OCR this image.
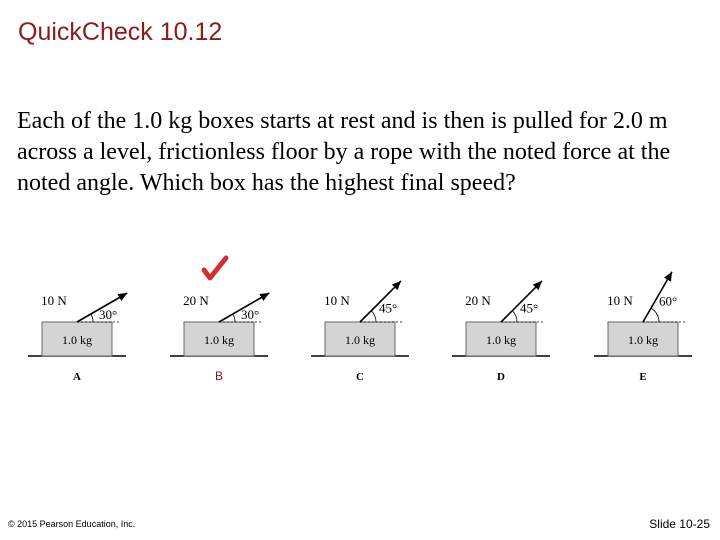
QuickCheck 10.12

Each of the 1.0 kg boxes starts at rest and is then is pulled for 2.0 m across a level, frictionless floor by a rope with the noted force at the noted angle. Which box has the highest final speed?

1.0 kg
10 N
30°
A
1.0 kg
20 N
30°
B
1.0 kg
10 N 45°
C
1.0 kg
20 N 45°
D
1.0 kg
10 N 60°
E
© 2015 Pearson Education, Inc.	Slide 10-25
